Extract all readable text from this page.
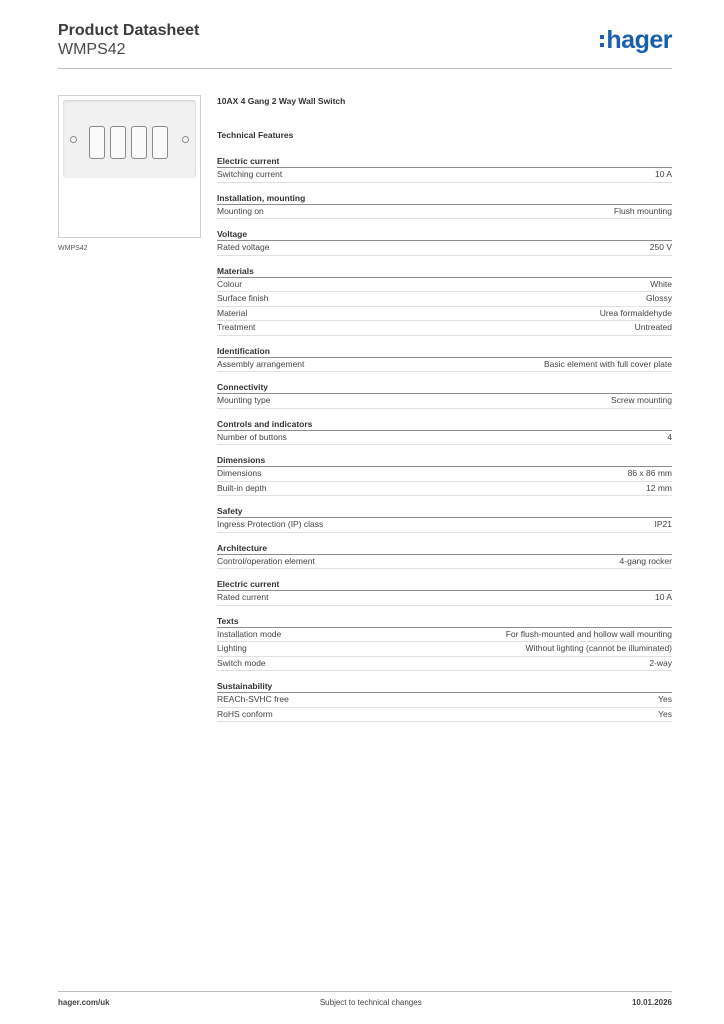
Product Datasheet
WMPS42	hager
WMPS42
10AX 4 Gang 2 Way Wall Switch
Technical Features
Electric current
Switching current	10 A
Installation, mounting
Mounting on	Flush mounting
Voltage
Rated voltage	250 V
Materials
Colour	White
Surface finish	Glossy
Material	Urea formaldehyde
Treatment	Untreated
Identification
Assembly arrangement	Basic element with full cover plate
Connectivity
Mounting type	Screw mounting
Controls and indicators
Number of buttons	4
Dimensions
Dimensions	86 x 86 mm
Built-in depth	12 mm
Safety
Ingress Protection (IP) class	IP21
Architecture
Control/operation element	4-gang rocker
Electric current
Rated current	10 A
Texts
Installation mode	For flush-mounted and hollow wall mounting
Lighting	Without lighting (cannot be illuminated)
Switch mode	2-way
Sustainability
REACh-SVHC free	Yes
RoHS conform	Yes
hager.com/uk	Subject to technical changes	10.01.2026
